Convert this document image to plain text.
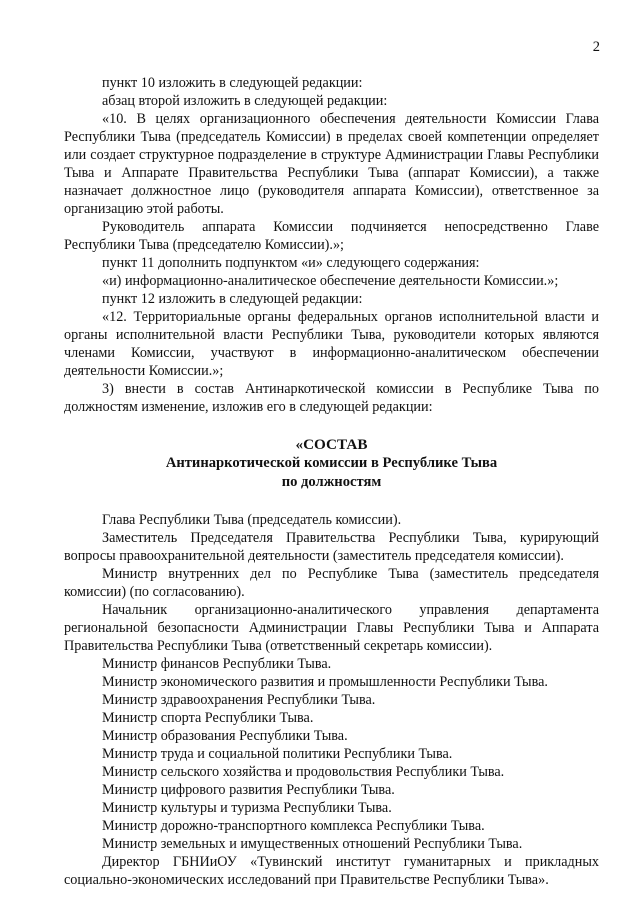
2

пункт 10 изложить в следующей редакции:

абзац второй изложить в следующей редакции:

«10. В целях организационного обеспечения деятельности Комиссии Глава Республики Тыва (председатель Комиссии) в пределах своей компетенции определяет или создает структурное подразделение в структуре Администрации Главы Республики Тыва и Аппарате Правительства Республики Тыва (аппарат Комиссии), а также назначает должностное лицо (руководителя аппарата Комиссии), ответственное за организацию этой работы.

Руководитель аппарата Комиссии подчиняется непосредственно Главе Республики Тыва (председателю Комиссии).»;

пункт 11 дополнить подпунктом «и» следующего содержания:

«и) информационно-аналитическое обеспечение деятельности Комиссии.»;

пункт 12 изложить в следующей редакции:

«12. Территориальные органы федеральных органов исполнительной власти и органы исполнительной власти Республики Тыва, руководители которых являются членами Комиссии, участвуют в информационно-аналитическом обеспечении деятельности Комиссии.»;

3) внести в состав Антинаркотической комиссии в Республике Тыва по должностям изменение, изложив его в следующей редакции:

«СОСТАВ
Антинаркотической комиссии в Республике Тыва
по должностям

Глава Республики Тыва (председатель комиссии).

Заместитель Председателя Правительства Республики Тыва, курирующий вопросы правоохранительной деятельности (заместитель председателя комиссии).

Министр внутренних дел по Республике Тыва (заместитель председателя комиссии) (по согласованию).

Начальник организационно-аналитического управления департамента региональной безопасности Администрации Главы Республики Тыва и Аппарата Правительства Республики Тыва (ответственный секретарь комиссии).

Министр финансов Республики Тыва.

Министр экономического развития и промышленности Республики Тыва.

Министр здравоохранения Республики Тыва.

Министр спорта Республики Тыва.

Министр образования Республики Тыва.

Министр труда и социальной политики Республики Тыва.

Министр сельского хозяйства и продовольствия Республики Тыва.

Министр цифрового развития Республики Тыва.

Министр культуры и туризма Республики Тыва.

Министр дорожно-транспортного комплекса Республики Тыва.

Министр земельных и имущественных отношений Республики Тыва.

Директор ГБНИиОУ «Тувинский институт гуманитарных и прикладных социально-экономических исследований при Правительстве Республики Тыва».
